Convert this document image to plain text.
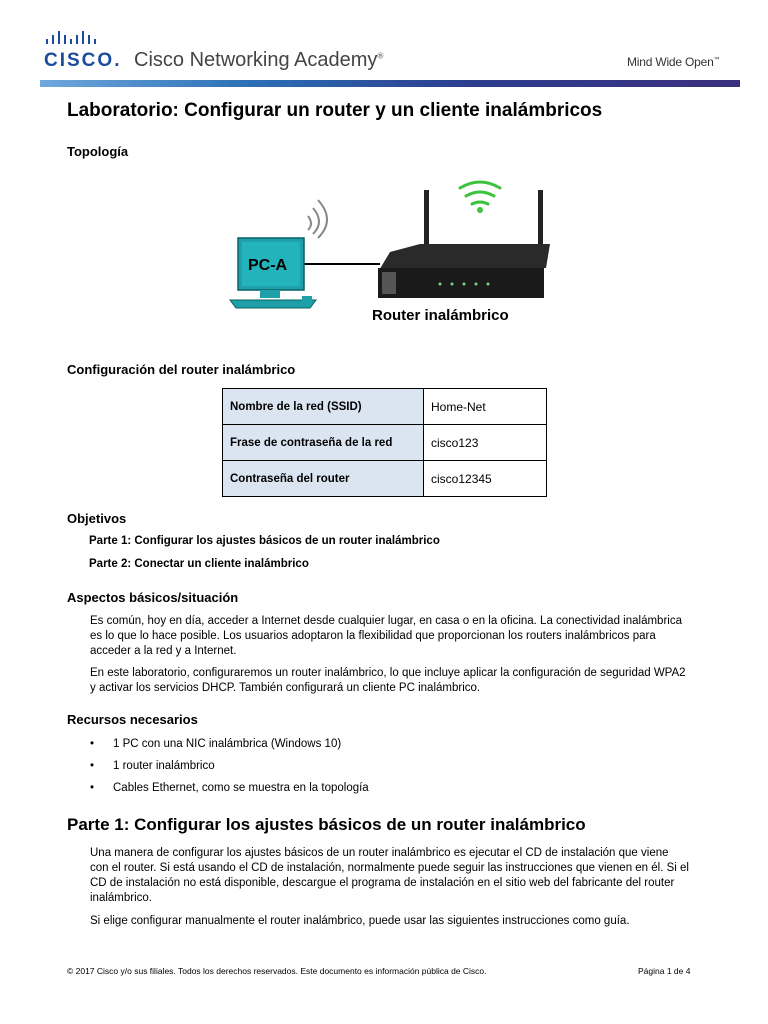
CISCO. Cisco Networking Academy®	Mind Wide Open™
Laboratorio: Configurar un router y un cliente inalámbricos
Topología
PC-A
Router inalámbrico
Configuración del router inalámbrico
Nombre de la red (SSID)	Home-Net
Frase de contraseña de la red	cisco123
Contraseña del router	cisco12345
Objetivos
Parte 1: Configurar los ajustes básicos de un router inalámbrico
Parte 2: Conectar un cliente inalámbrico
Aspectos básicos/situación
Es común, hoy en día, acceder a Internet desde cualquier lugar, en casa o en la oficina. La conectividad inalámbrica es lo que lo hace posible. Los usuarios adoptaron la flexibilidad que proporcionan los routers inalámbricos para acceder a la red y a Internet.
En este laboratorio, configuraremos un router inalámbrico, lo que incluye aplicar la configuración de seguridad WPA2 y activar los servicios DHCP. También configurará un cliente PC inalámbrico.
Recursos necesarios
• 1 PC con una NIC inalámbrica (Windows 10)
• 1 router inalámbrico
• Cables Ethernet, como se muestra en la topología
Parte 1: Configurar los ajustes básicos de un router inalámbrico
Una manera de configurar los ajustes básicos de un router inalámbrico es ejecutar el CD de instalación que viene con el router. Si está usando el CD de instalación, normalmente puede seguir las instrucciones que vienen en él. Si el CD de instalación no está disponible, descargue el programa de instalación en el sitio web del fabricante del router inalámbrico.
Si elige configurar manualmente el router inalámbrico, puede usar las siguientes instrucciones como guía.
© 2017 Cisco y/o sus filiales. Todos los derechos reservados. Este documento es información pública de Cisco.	Página 1 de 4
